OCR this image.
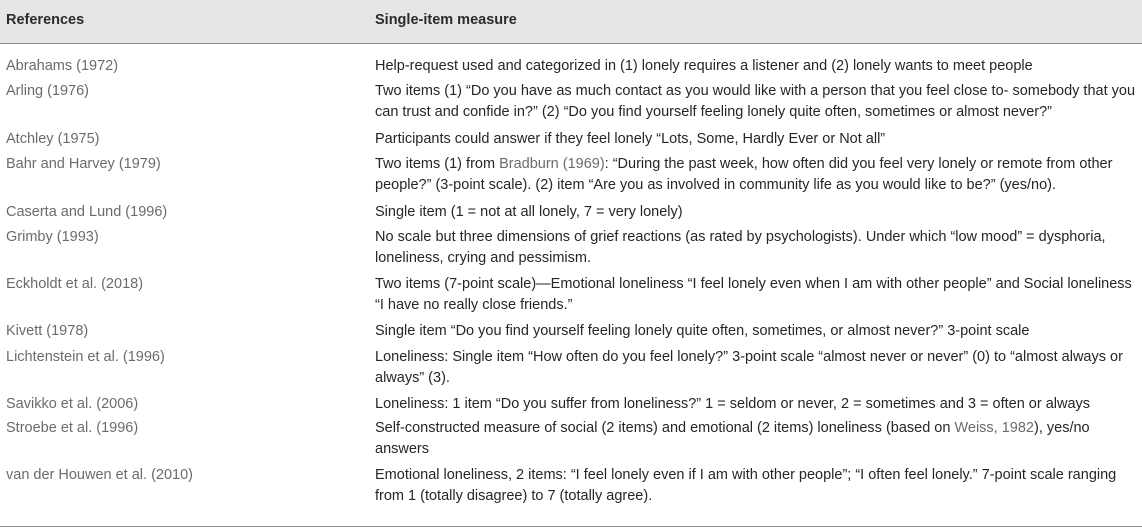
References	Single-item measure
Abrahams (1972)	Help-request used and categorized in (1) lonely requires a listener and (2) lonely wants to meet people
Arling (1976)	Two items (1) “Do you have as much contact as you would like with a person that you feel close to- somebody that you can trust and confide in?” (2) “Do you find yourself feeling lonely quite often, sometimes or almost never?”
Atchley (1975)	Participants could answer if they feel lonely “Lots, Some, Hardly Ever or Not all”
Bahr and Harvey (1979)	Two items (1) from Bradburn (1969): “During the past week, how often did you feel very lonely or remote from other people?” (3-point scale). (2) item “Are you as involved in community life as you would like to be?” (yes/no).
Caserta and Lund (1996)	Single item (1 = not at all lonely, 7 = very lonely)
Grimby (1993)	No scale but three dimensions of grief reactions (as rated by psychologists). Under which “low mood” = dysphoria, loneliness, crying and pessimism.
Eckholdt et al. (2018)	Two items (7-point scale)—Emotional loneliness “I feel lonely even when I am with other people” and Social loneliness “I have no really close friends.”
Kivett (1978)	Single item “Do you find yourself feeling lonely quite often, sometimes, or almost never?” 3-point scale
Lichtenstein et al. (1996)	Loneliness: Single item “How often do you feel lonely?” 3-point scale “almost never or never” (0) to “almost always or always” (3).
Savikko et al. (2006)	Loneliness: 1 item “Do you suffer from loneliness?” 1 = seldom or never, 2 = sometimes and 3 = often or always
Stroebe et al. (1996)	Self-constructed measure of social (2 items) and emotional (2 items) loneliness (based on Weiss, 1982), yes/no answers
van der Houwen et al. (2010)	Emotional loneliness, 2 items: “I feel lonely even if I am with other people”; “I often feel lonely.” 7-point scale ranging from 1 (totally disagree) to 7 (totally agree).
